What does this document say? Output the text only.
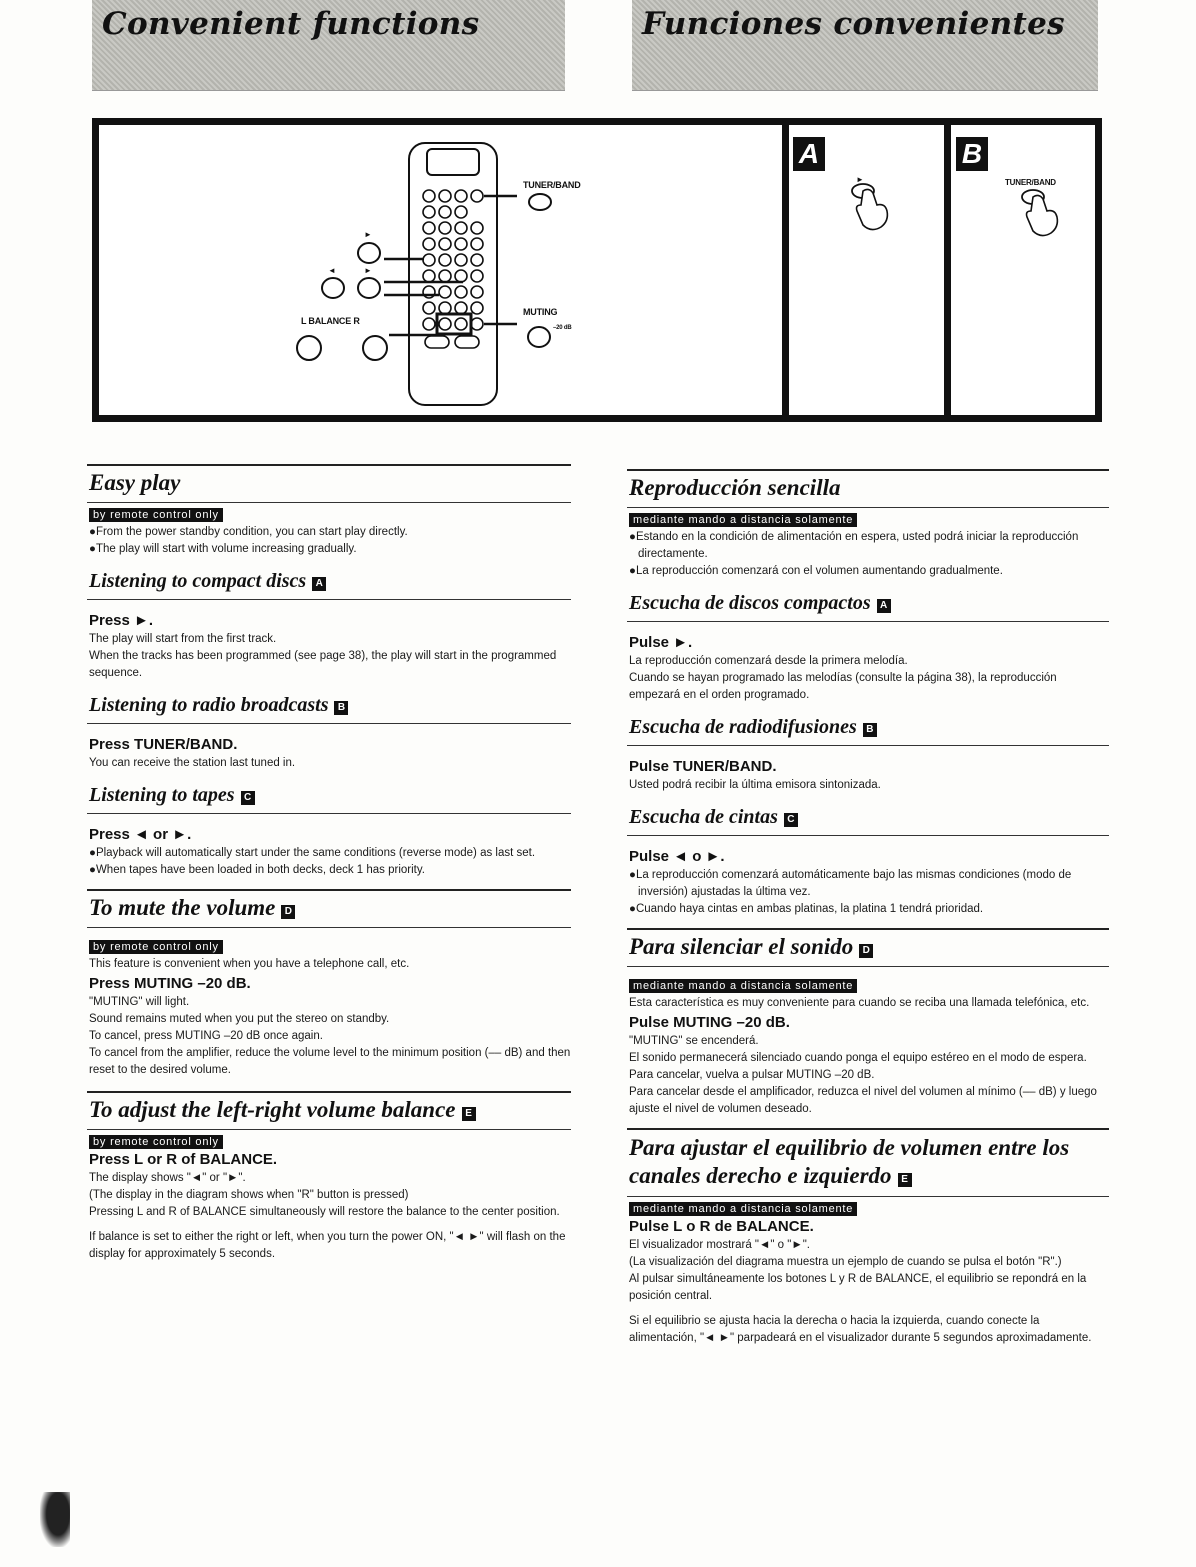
Convenient functions	Funciones convenientes
TUNER/BAND
MUTING
–20 dB
L BALANCE R
►
◄	►
A
►
B
TUNER/BAND
Easy play
by remote control only

●From the power standby condition, you can start play directly.

●The play will start with volume increasing gradually.

Listening to compact discs A
Press ►.

The play will start from the first track.

When the tracks has been programmed (see page 38), the play will start in the programmed sequence.

Listening to radio broadcasts B
Press TUNER/BAND.

You can receive the station last tuned in.

Listening to tapes C
Press ◄ or ►.

●Playback will automatically start under the same conditions (reverse mode) as last set.

●When tapes have been loaded in both decks, deck 1 has priority.

To mute the volume D
by remote control only

This feature is convenient when you have a telephone call, etc.

Press MUTING –20 dB.

"MUTING" will light.

Sound remains muted when you put the stereo on standby.

To cancel, press MUTING –20 dB once again.

To cancel from the amplifier, reduce the volume level to the minimum position (–– dB) and then reset to the desired volume.

To adjust the left-right volume balance E
by remote control only
Press L or R of BALANCE.

The display shows "◄" or "►".

(The display in the diagram shows when "R" button is pressed)

Pressing L and R of BALANCE simultaneously will restore the balance to the center position.

If balance is set to either the right or left, when you turn the power ON, "◄ ►" will flash on the display for approximately 5 seconds.

Reproducción sencilla
mediante mando a distancia solamente

●Estando en la condición de alimentación en espera, usted podrá iniciar la reproducción directamente.

●La reproducción comenzará con el volumen aumentando gradualmente.

Escucha de discos compactos A
Pulse ►.

La reproducción comenzará desde la primera melodía.

Cuando se hayan programado las melodías (consulte la página 38), la reproducción empezará en el orden programado.

Escucha de radiodifusiones B
Pulse TUNER/BAND.

Usted podrá recibir la última emisora sintonizada.

Escucha de cintas C
Pulse ◄ o ►.

●La reproducción comenzará automáticamente bajo las mismas condiciones (modo de inversión) ajustadas la última vez.

●Cuando haya cintas en ambas platinas, la platina 1 tendrá prioridad.

Para silenciar el sonido D
mediante mando a distancia solamente

Esta característica es muy conveniente para cuando se reciba una llamada telefónica, etc.

Pulse MUTING –20 dB.

"MUTING" se encenderá.

El sonido permanecerá silenciado cuando ponga el equipo estéreo en el modo de espera.

Para cancelar, vuelva a pulsar MUTING –20 dB.

Para cancelar desde el amplificador, reduzca el nivel del volumen al mínimo (–– dB) y luego ajuste el nivel de volumen deseado.

Para ajustar el equilibrio de volumen entre los canales derecho e izquierdo E
mediante mando a distancia solamente
Pulse L o R de BALANCE.

El visualizador mostrará "◄" o "►".

(La visualización del diagrama muestra un ejemplo de cuando se pulsa el botón "R".)

Al pulsar simultáneamente los botones L y R de BALANCE, el equilibrio se repondrá en la posición central.

Si el equilibrio se ajusta hacia la derecha o hacia la izquierda, cuando conecte la alimentación, "◄ ►" parpadeará en el visualizador durante 5 segundos aproximadamente.
